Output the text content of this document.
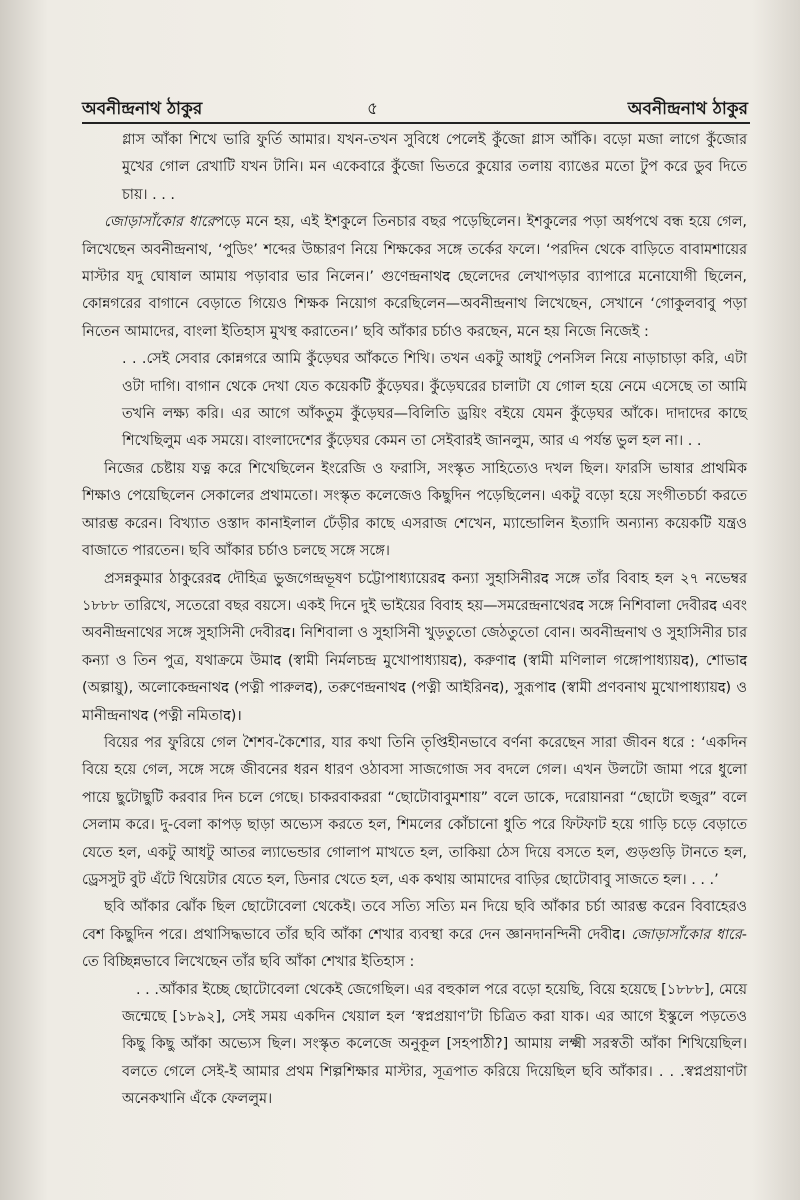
অবনীন্দ্রনাথ ঠাকুর	৫	অবনীন্দ্রনাথ ঠাকুর

গ্লাস আঁকা শিখে ভারি ফুর্তি আমার। যখন-তখন সুবিধে পেলেই কুঁজো গ্লাস আঁকি। বড়ো মজা লাগে কুঁজোর মুখের গোল রেখাটি যখন টানি। মন একেবারে কুঁজো ভিতরে কুয়োর তলায় ব্যাঙের মতো টুপ করে ডুব দিতে চায়। . . .

জোড়াসাঁকোর ধারেপড়ে মনে হয়, এই ইশকুলে তিনচার বছর পড়েছিলেন। ইশকুলের পড়া অর্ধপথে বন্ধ হয়ে গেল, লিখেছেন অবনীন্দ্রনাথ, ‘পুডিং’ শব্দের উচ্চারণ নিয়ে শিক্ষকের সঙ্গে তর্কের ফলে। ‘পরদিন থেকে বাড়িতে বাবামশায়ের মাস্টার যদু ঘোষাল আমায় পড়াবার ভার নিলেন।’ গুণেন্দ্রনাথद ছেলেদের লেখাপড়ার ব্যাপারে মনোযোগী ছিলেন, কোন্নগরের বাগানে বেড়াতে গিয়েও শিক্ষক নিয়োগ করেছিলেন—অবনীন্দ্রনাথ লিখেছেন, সেখানে ‘গোকুলবাবু পড়া নিতেন আমাদের, বাংলা ইতিহাস মুখস্থ করাতেন।’ ছবি আঁকার চর্চাও করছেন, মনে হয় নিজে নিজেই :

. . .সেই সেবার কোন্নগরে আমি কুঁড়েঘর আঁকতে শিখি। তখন একটু আধটু পেনসিল নিয়ে নাড়াচাড়া করি, এটা ওটা দাগি। বাগান থেকে দেখা যেত কয়েকটি কুঁড়েঘর। কুঁড়েঘরের চালাটা যে গোল হয়ে নেমে এসেছে তা আমি তখনি লক্ষ্য করি। এর আগে আঁকতুম কুঁড়েঘর—বিলিতি ড্রয়িং বইয়ে যেমন কুঁড়েঘর আঁকে। দাদাদের কাছে শিখেছিলুম এক সময়ে। বাংলাদেশের কুঁড়েঘর কেমন তা সেইবারই জানলুম, আর এ পর্যন্ত ভুল হল না। . .

নিজের চেষ্টায় যত্ন করে শিখেছিলেন ইংরেজি ও ফরাসি, সংস্কৃত সাহিত্যেও দখল ছিল। ফারসি ভাষার প্রাথমিক শিক্ষাও পেয়েছিলেন সেকালের প্রথামতো। সংস্কৃত কলেজেও কিছুদিন পড়েছিলেন। একটু বড়ো হয়ে সংগীতচর্চা করতে আরম্ভ করেন। বিখ্যাত ওস্তাদ কানাইলাল ঢেঁড়ীর কাছে এসরাজ শেখেন, ম্যান্ডোলিন ইত্যাদি অন্যান্য কয়েকটি যন্ত্রও বাজাতে পারতেন। ছবি আঁকার চর্চাও চলছে সঙ্গে সঙ্গে।

প্রসন্নকুমার ঠাকুরেরद দৌহিত্র ভুজগেন্দ্রভূষণ চট্টোপাধ্যায়েরद কন্যা সুহাসিনীরद সঙ্গে তাঁর বিবাহ হল ২৭ নভেম্বর ১৮৮৮ তারিখে, সতেরো বছর বয়সে। একই দিনে দুই ভাইয়ের বিবাহ হয়—সমরেন্দ্রনাথেরद সঙ্গে নিশিবালা দেবীরद এবং অবনীন্দ্রনাথের সঙ্গে সুহাসিনী দেবীরद। নিশিবালা ও সুহাসিনী খুড়তুতো জেঠতুতো বোন। অবনীন্দ্রনাথ ও সুহাসিনীর চার কন্যা ও তিন পুত্র, যথাক্রমে উমাद (স্বামী নির্মলচন্দ্র মুখোপাধ্যায়द), করুণাद (স্বামী মণিলাল গঙ্গোপাধ্যায়द), শোভাद (অল্পায়ু), অলোকেন্দ্রনাথद (পত্নী পারুলद), তরুণেন্দ্রনাথद (পত্নী আইরিনद), সুরূপাद (স্বামী প্রণবনাথ মুখোপাধ্যায়द) ও মানীন্দ্রনাথद (পত্নী নমিতাद)।

বিয়ের পর ফুরিয়ে গেল শৈশব-কৈশোর, যার কথা তিনি তৃপ্তিহীনভাবে বর্ণনা করেছেন সারা জীবন ধরে : ‘একদিন বিয়ে হয়ে গেল, সঙ্গে সঙ্গে জীবনের ধরন ধারণ ওঠাবসা সাজগোজ সব বদলে গেল। এখন উলটো জামা পরে ধুলো পায়ে ছুটোছুটি করবার দিন চলে গেছে। চাকরবাকররা “ছোটোবাবুমশায়” বলে ডাকে, দরোয়ানরা “ছোটো হুজুর” বলে সেলাম করে। দু-বেলা কাপড় ছাড়া অভ্যেস করতে হল, শিমলের কোঁচানো ধুতি পরে ফিটফাট হয়ে গাড়ি চড়ে বেড়াতে যেতে হল, একটু আধটু আতর ল্যাভেন্ডার গোলাপ মাখতে হল, তাকিয়া ঠেস দিয়ে বসতে হল, গুড়গুড়ি টানতে হল, ড্রেসসুট বুট এঁটে থিয়েটার যেতে হল, ডিনার খেতে হল, এক কথায় আমাদের বাড়ির ছোটোবাবু সাজতে হল। . . .’

ছবি আঁকার ঝোঁক ছিল ছোটোবেলা থেকেই। তবে সত্যি সত্যি মন দিয়ে ছবি আঁকার চর্চা আরম্ভ করেন বিবাহেরও বেশ কিছুদিন পরে। প্রথাসিদ্ধভাবে তাঁর ছবি আঁকা শেখার ব্যবস্থা করে দেন জ্ঞানদানন্দিনী দেবীद। জোড়াসাঁকোর ধারে-তে বিচ্ছিন্নভাবে লিখেছেন তাঁর ছবি আঁকা শেখার ইতিহাস :

. . .আঁকার ইচ্ছে ছোটোবেলা থেকেই জেগেছিল। এর বহুকাল পরে বড়ো হয়েছি, বিয়ে হয়েছে [১৮৮৮], মেয়ে জন্মেছে [১৮৯২], সেই সময় একদিন খেয়াল হল ‘স্বপ্নপ্রয়াণ’টা চিত্রিত করা যাক। এর আগে ইস্কুলে পড়তেও কিছু কিছু আঁকা অভ্যেস ছিল। সংস্কৃত কলেজে অনুকূল [সহপাঠী?] আমায় লক্ষ্মী সরস্বতী আঁকা শিখিয়েছিল। বলতে গেলে সেই-ই আমার প্রথম শিল্পশিক্ষার মাস্টার, সূত্রপাত করিয়ে দিয়েছিল ছবি আঁকার। . . .স্বপ্নপ্রয়াণটা অনেকখানি এঁকে ফেললুম।
